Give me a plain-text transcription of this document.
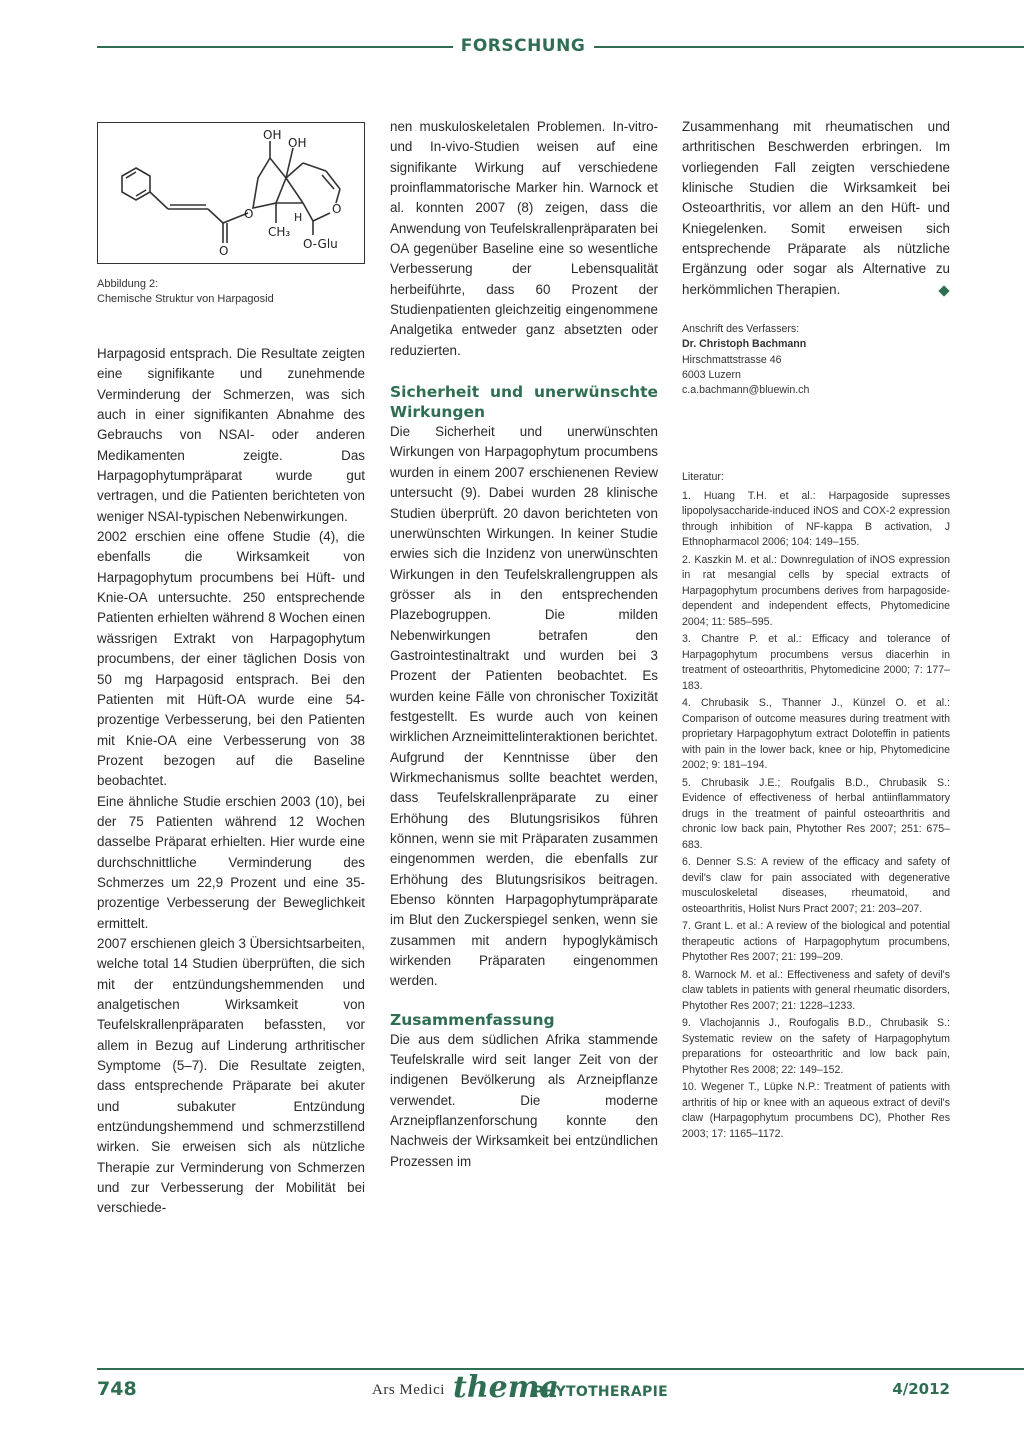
FORSCHUNG
OH
OH
H
CH₃
O-Glu
O
O
O
Abbildung 2:
Chemische Struktur von Harpagosid

Harpagosid entsprach. Die Resultate zeigten eine signifikante und zunehmende Verminderung der Schmerzen, was sich auch in einer signifikanten Abnahme des Gebrauchs von NSAI- oder anderen Medikamenten zeigte. Das Harpagophytumpräparat wurde gut vertragen, und die Patienten berichteten von weniger NSAI-typischen Nebenwirkungen.

2002 erschien eine offene Studie (4), die ebenfalls die Wirksamkeit von Harpagophytum procumbens bei Hüft- und Knie-OA untersuchte. 250 entsprechende Patienten erhielten während 8 Wochen einen wässrigen Extrakt von Harpagophytum procumbens, der einer täglichen Dosis von 50 mg Harpagosid entsprach. Bei den Patienten mit Hüft-OA wurde eine 54-prozentige Verbesserung, bei den Patienten mit Knie-OA eine Verbesserung von 38 Prozent bezogen auf die Baseline beobachtet.

Eine ähnliche Studie erschien 2003 (10), bei der 75 Patienten während 12 Wochen dasselbe Präparat erhielten. Hier wurde eine durchschnittliche Verminderung des Schmerzes um 22,9 Prozent und eine 35-prozentige Verbesserung der Beweglichkeit ermittelt.

2007 erschienen gleich 3 Übersichtsarbeiten, welche total 14 Studien überprüften, die sich mit der entzündungshemmenden und analgetischen Wirksamkeit von Teufelskrallenpräparaten befassten, vor allem in Bezug auf Linderung arthritischer Symptome (5–7). Die Resultate zeigten, dass entsprechende Präparate bei akuter und subakuter Entzündung entzündungshemmend und schmerzstillend wirken. Sie erweisen sich als nützliche Therapie zur Verminderung von Schmerzen und zur Verbesserung der Mobilität bei verschiede-

nen muskuloskeletalen Problemen. In-vitro- und In-vivo-Studien weisen auf eine signifikante Wirkung auf verschiedene proinflammatorische Marker hin. Warnock et al. konnten 2007 (8) zeigen, dass die Anwendung von Teufelskrallenpräparaten bei OA gegenüber Baseline eine so wesentliche Verbesserung der Lebensqualität herbeiführte, dass 60 Prozent der Studienpatienten gleichzeitig eingenommene Analgetika entweder ganz absetzten oder reduzierten.

Sicherheit und unerwünschte Wirkungen

Die Sicherheit und unerwünschten Wirkungen von Harpagophytum procumbens wurden in einem 2007 erschienenen Review untersucht (9). Dabei wurden 28 klinische Studien überprüft. 20 davon berichteten von unerwünschten Wirkungen. In keiner Studie erwies sich die Inzidenz von unerwünschten Wirkungen in den Teufelskrallengruppen als grösser als in den entsprechenden Plazebogruppen. Die milden Nebenwirkungen betrafen den Gastrointestinaltrakt und wurden bei 3 Prozent der Patienten beobachtet. Es wurden keine Fälle von chronischer Toxizität festgestellt. Es wurde auch von keinen wirklichen Arzneimittelinteraktionen berichtet. Aufgrund der Kenntnisse über den Wirkmechanismus sollte beachtet werden, dass Teufelskrallenpräparate zu einer Erhöhung des Blutungsrisikos führen können, wenn sie mit Präparaten zusammen eingenommen werden, die ebenfalls zur Erhöhung des Blutungsrisikos beitragen. Ebenso könnten Harpagophytumpräparate im Blut den Zuckerspiegel senken, wenn sie zusammen mit andern hypoglykämisch wirkenden Präparaten eingenommen werden.

Zusammenfassung

Die aus dem südlichen Afrika stammende Teufelskralle wird seit langer Zeit von der indigenen Bevölkerung als Arzneipflanze verwendet. Die moderne Arzneipflanzenforschung konnte den Nachweis der Wirksamkeit bei entzündlichen Prozessen im

Zusammenhang mit rheumatischen und arthritischen Beschwerden erbringen. Im vorliegenden Fall zeigten verschiedene klinische Studien die Wirksamkeit bei Osteoarthritis, vor allem an den Hüft- und Kniegelenken. Somit erweisen sich entsprechende Präparate als nützliche Ergänzung oder sogar als Alternative zu herkömmlichen Therapien.

Anschrift des Verfassers:
Dr. Christoph Bachmann
Hirschmattstrasse 46
6003 Luzern
c.a.bachmann@bluewin.ch
Literatur:
1. Huang T.H. et al.: Harpagoside supresses lipopolysaccharide-induced iNOS and COX-2 expression through inhibition of NF-kappa B activation, J Ethnopharmacol 2006; 104: 149–155.
2. Kaszkin M. et al.: Downregulation of iNOS expression in rat mesangial cells by special extracts of Harpagophytum procumbens derives from harpagoside-dependent and independent effects, Phytomedicine 2004; 11: 585–595.
3. Chantre P. et al.: Efficacy and tolerance of Harpagophytum procumbens versus diacerhin in treatment of osteoarthritis, Phytomedicine 2000; 7: 177–183.
4. Chrubasik S., Thanner J., Künzel O. et al.: Comparison of outcome measures during treatment with proprietary Harpagophytum extract Doloteffin in patients with pain in the lower back, knee or hip, Phytomedicine 2002; 9: 181–194.
5. Chrubasik J.E.; Roufgalis B.D., Chrubasik S.: Evidence of effectiveness of herbal antiinflammatory drugs in the treatment of painful osteoarthritis and chronic low back pain, Phytother Res 2007; 251: 675–683.
6. Denner S.S: A review of the efficacy and safety of devil's claw for pain associated with degenerative musculoskeletal diseases, rheumatoid, and osteoarthritis, Holist Nurs Pract 2007; 21: 203–207.
7. Grant L. et al.: A review of the biological and potential therapeutic actions of Harpagophytum procumbens, Phytother Res 2007; 21: 199–209.
8. Warnock M. et al.: Effectiveness and safety of devil's claw tablets in patients with general rheumatic disorders, Phytother Res 2007; 21: 1228–1233.
9. Vlachojannis J., Roufogalis B.D., Chrubasik S.: Systematic review on the safety of Harpagophytum preparations for osteoarthritic and low back pain, Phytother Res 2008; 22: 149–152.
10. Wegener T., Lüpke N.P.: Treatment of patients with arthritis of hip or knee with an aqueous extract of devil's claw (Harpagophytum procumbens DC), Phother Res 2003; 17: 1165–1172.
748	Ars Medici thema
PHYTOTHERAPIE	4/2012
